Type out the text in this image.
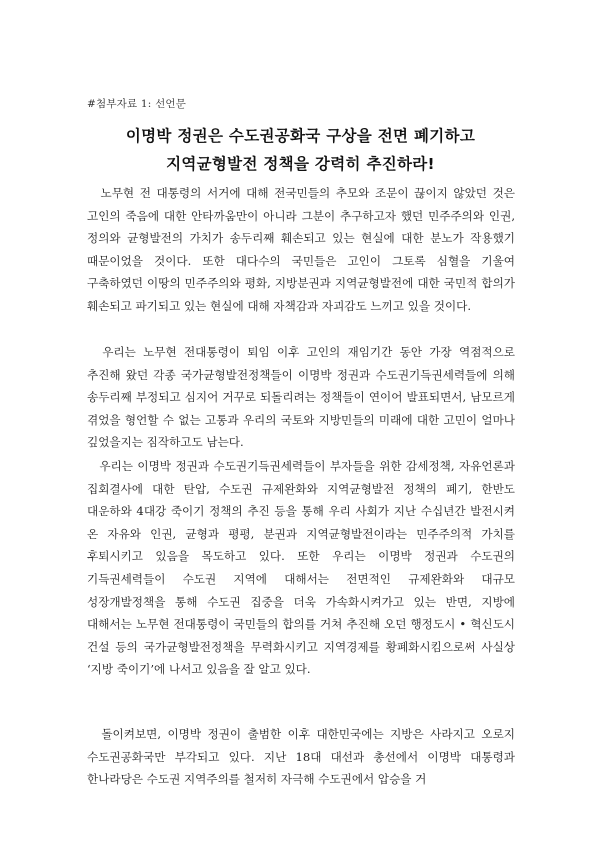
#첨부자료 1: 선언문
이명박 정권은 수도권공화국 구상을 전면 폐기하고
지역균형발전 정책을 강력히 추진하라!

　노무현 전 대통령의 서거에 대해 전국민들의 추모와 조문이 끊이지 않았던 것은 고인의 죽음에 대한 안타까움만이 아니라 그분이 추구하고자 했던 민주주의와 인권, 정의와 균형발전의 가치가 송두리째 훼손되고 있는 현실에 대한 분노가 작용했기 때문이었을 것이다. 또한 대다수의 국민들은 고인이 그토록 심혈을 기울여 구축하였던 이땅의 민주주의와 평화, 지방분권과 지역균형발전에 대한 국민적 합의가 훼손되고 파기되고 있는 현실에 대해 자책감과 자괴감도 느끼고 있을 것이다.

　우리는 노무현 전대통령이 퇴임 이후 고인의 재임기간 동안 가장 역점적으로 추진해 왔던 각종 국가균형발전정책들이 이명박 정권과 수도권기득권세력들에 의해 송두리째 부정되고 심지어 거꾸로 되돌리려는 정책들이 연이어 발표되면서, 남모르게 겪었을 형언할 수 없는 고통과 우리의 국토와 지방민들의 미래에 대한 고민이 얼마나 깊었을지는 짐작하고도 남는다.

　우리는 이명박 정권과 수도권기득권세력들이 부자들을 위한 감세정책, 자유언론과 집회결사에 대한 탄압, 수도권 규제완화와 지역균형발전 정책의 폐기, 한반도 대운하와 4대강 죽이기 정책의 추진 등을 통해 우리 사회가 지난 수십년간 발전시켜 온 자유와 인권, 균형과 평평, 분권과 지역균형발전이라는 민주주의적 가치를 후퇴시키고 있음을 목도하고 있다. 또한 우리는 이명박 정권과 수도권의 기득권세력들이 수도권 지역에 대해서는 전면적인 규제완화와 대규모 성장개발정책을 통해 수도권 집중을 더욱 가속화시켜가고 있는 반면, 지방에 대해서는 노무현 전대통령이 국민들의 합의를 거쳐 추진해 오던 행정도시 • 혁신도시 건설 등의 국가균형발전정책을 무력화시키고 지역경제를 황폐화시킴으로써 사실상 ‘지방 죽이기’에 나서고 있음을 잘 알고 있다.

　돌이켜보면, 이명박 정권이 출범한 이후 대한민국에는 지방은 사라지고 오로지 수도권공화국만 부각되고 있다. 지난 18대 대선과 총선에서 이명박 대통령과 한나라당은 수도권 지역주의를 철저히 자극해 수도권에서 압승을 거
